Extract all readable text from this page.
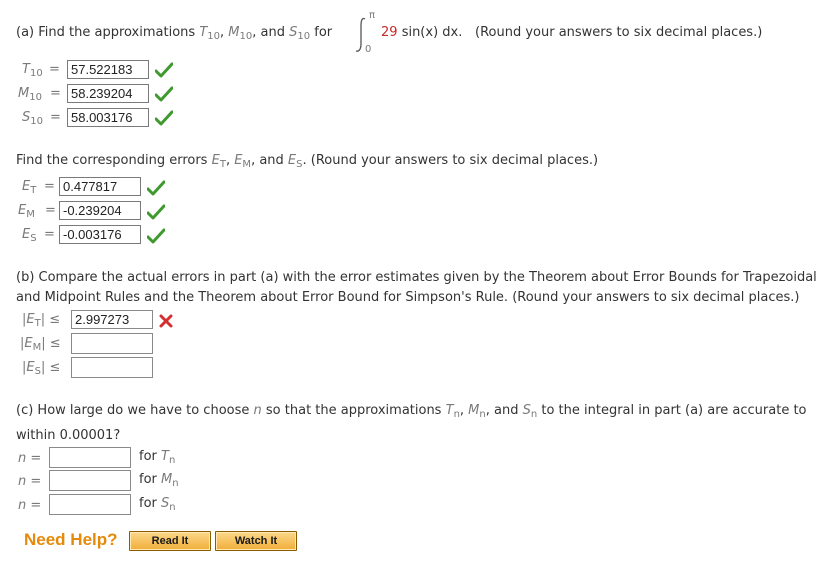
(a) Find the approximations $T_{10}$, $M_{10}$, and $S_{10}$ for
π
0
29 sin(x) dx. (Round your answers to six decimal places.)
$T_{10} = 57.522183$
$M_{10} = 58.239204$
$S_{10} = 58.003176$
Find the corresponding errors $E_T$, $E_M$, and $E_S$. (Round your answers to six decimal places.)
$E_T = 0.477817$
$E_M = -0.239204$
$E_S = -0.003176$
(b) Compare the actual errors in part (a) with the error estimates given by the Theorem about Error Bounds for Trapezoidal
and Midpoint Rules and the Theorem about Error Bound for Simpson's Rule. (Round your answers to six decimal places.)
$|E_T|$ ≤	2.997273
$|E_M|$ ≤
$|E_S|$ ≤
(c) How large do we have to choose n so that the approximations $T_n$, $M_n$, and $S_n$ to the integral in part (a) are accurate to
within 0.00001?
n =	for $T_n$
n =	for $M_n$
n =	for $S_n$
Need Help?	Read It	Watch It
